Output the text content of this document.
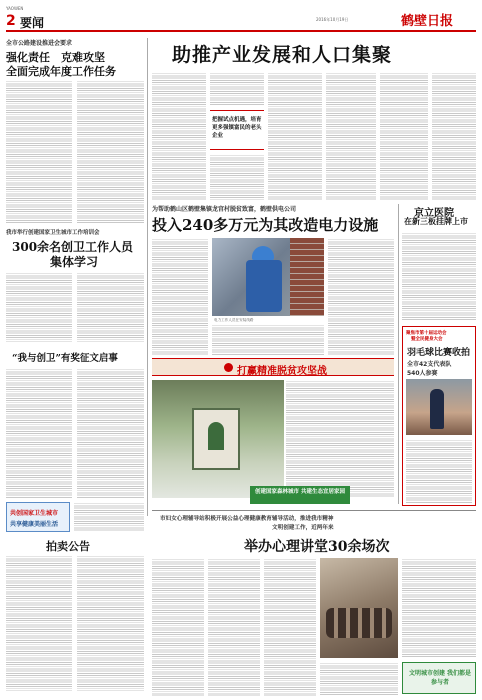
YAOWEN
2 要闻	2016年10月19日	鹤壁日报
全市公路建设推进会要求
强化责任　克难攻坚
全面完成年度工作任务
我市举行创建国家卫生城市工作培训会
300余名创卫工作人员
集体学习
“我与创卫”有奖征文启事
共创国家卫生城市
共享健康美丽生活
拍卖公告
助推产业发展和人口集聚
把握试点机遇，培育更多强镇富民的老头企业
为帮助鹤山区鹤壁集镇龙宫村脱贫致富，鹤壁供电公司
投入240多万元为其改造电力设施
电力工作人员在安装线路
打赢精准脱贫攻坚战
创建国家森林城市 共建生态宜居家园
京立医院
在新三板挂牌上市
聚焦市第十届运动会
暨全民健身大会
羽毛球比赛收拍
全市42支代表队
540人参赛
市妇女心理辅导站积极开展公益心理健康教育辅导活动，推进我市精神
文明创建工作，近两年来
举办心理讲堂30余场次
文明城市创建 我们都是参与者
